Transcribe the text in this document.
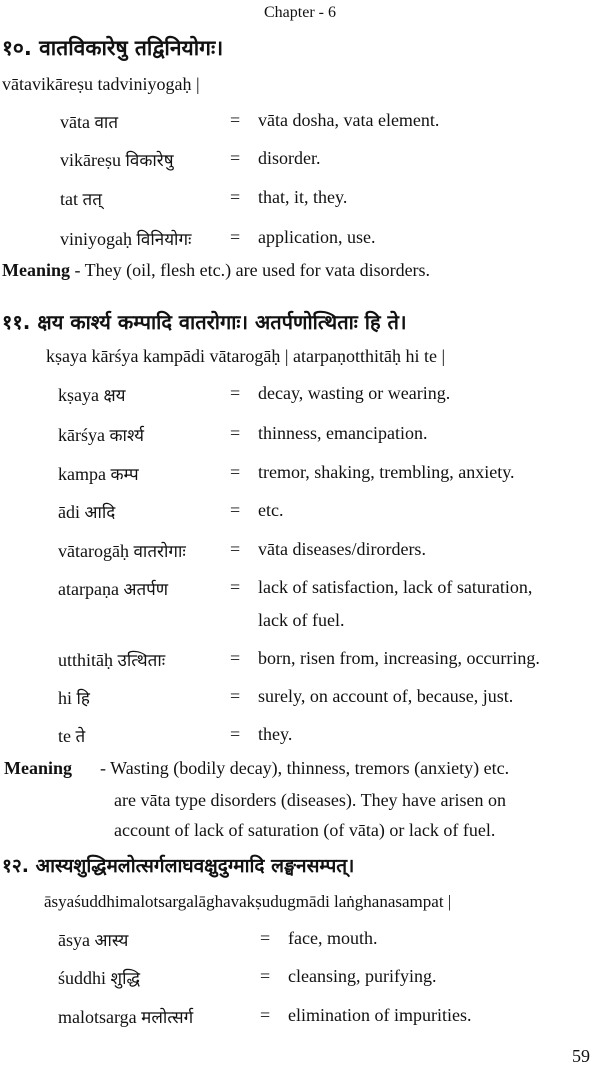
Chapter - 6
१०. वातविकारेषु तद्विनियोगः।
vātavikāreṣu tadviniyogaḥ |
vāta वात	= vāta dosha, vata element.
vikāreṣu विकारेषु	= disorder.
tat तत्	= that, it, they.
viniyogaḥ विनियोगः = application, use.
Meaning - They (oil, flesh etc.) are used for vata disorders.
११. क्षय कार्श्य कम्पादि वातरोगाः। अतर्पणोत्थिताः हि ते।
kṣaya kārśya kampādi vātarogāḥ | atarpaṇotthitāḥ hi te |
kṣaya क्षय	= decay, wasting or wearing.
kārśya कार्श्य	= thinness, emancipation.
kampa कम्प	= tremor, shaking, trembling, anxiety.
ādi आदि	= etc.
vātarogāḥ वातरोगाः = vāta diseases/dirorders.
atarpaṇa अतर्पण	= lack of satisfaction, lack of saturation,
lack of fuel.
utthitāḥ उत्थिताः	= born, risen from, increasing, occurring.
hi हि	= surely, on account of, because, just.
te ते	= they.
Meaning - Wasting (bodily decay), thinness, tremors (anxiety) etc.
are vāta type disorders (diseases). They have arisen on
account of lack of saturation (of vāta) or lack of fuel.
१२. आस्यशुद्धिमलोत्सर्गलाघवक्षुदुग्मादि लङ्घनसम्पत्।
āsyaśuddhimalotsargalāghavakṣudugmādi laṅghanasampat |
āsya आस्य	= face, mouth.
śuddhi शुद्धि	= cleansing, purifying.
malotsarga मलोत्सर्ग	= elimination of impurities.
59
